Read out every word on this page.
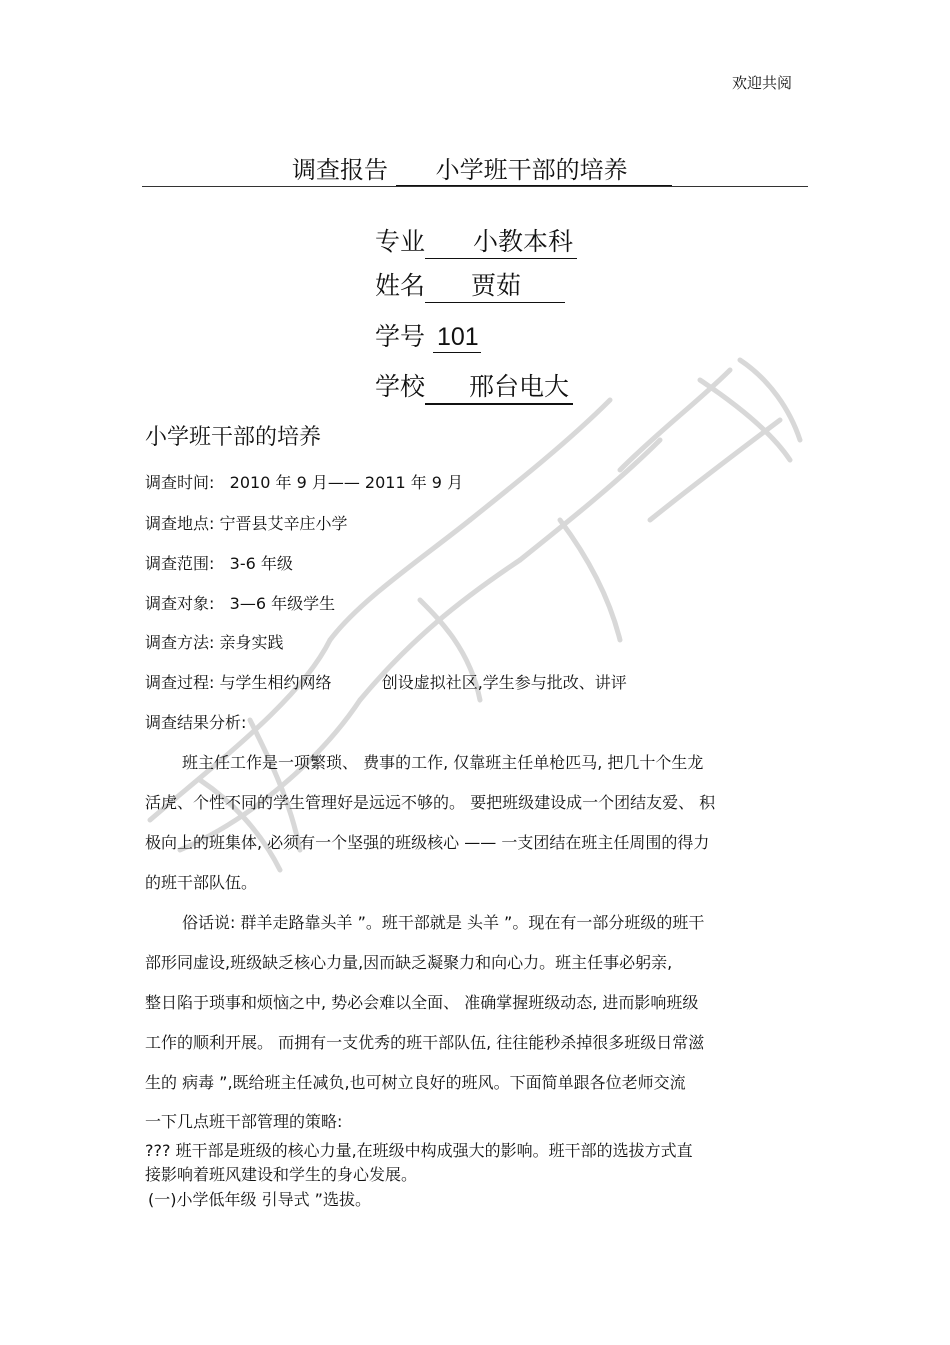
欢迎共阅
调查报告 小学班干部的培养
专业 小教本科
姓名 贾茹
学号 101
学校 邢台电大
小学班干部的培养
调查时间: 2010 年 9 月—— 2011 年 9 月
调查地点: 宁晋县艾辛庄小学
调查范围: 3-6 年级
调查对象: 3—6 年级学生
调查方法: 亲身实践
调查过程: 与学生相约网络	创设虚拟社区,学生参与批改、讲评
调查结果分析:
班主任工作是一项繁琐、 费事的工作, 仅靠班主任单枪匹马, 把几十个生龙
活虎、个性不同的学生管理好是远远不够的。 要把班级建设成一个团结友爱、 积
极向上的班集体, 必须有一个坚强的班级核心 —— 一支团结在班主任周围的得力
的班干部队伍。
俗话说: 群羊走路靠头羊 ”。班干部就是 头羊 ”。现在有一部分班级的班干
部形同虚设,班级缺乏核心力量,因而缺乏凝聚力和向心力。班主任事必躬亲,
整日陷于琐事和烦恼之中, 势必会难以全面、 准确掌握班级动态, 进而影响班级
工作的顺利开展。 而拥有一支优秀的班干部队伍, 往往能秒杀掉很多班级日常滋
生的 病毒 ”,既给班主任减负,也可树立良好的班风。下面简单跟各位老师交流
一下几点班干部管理的策略:
??? 班干部是班级的核心力量,在班级中构成强大的影响。班干部的选拔方式直
接影响着班风建设和学生的身心发展。
(一)小学低年级 引导式 ”选拔。
